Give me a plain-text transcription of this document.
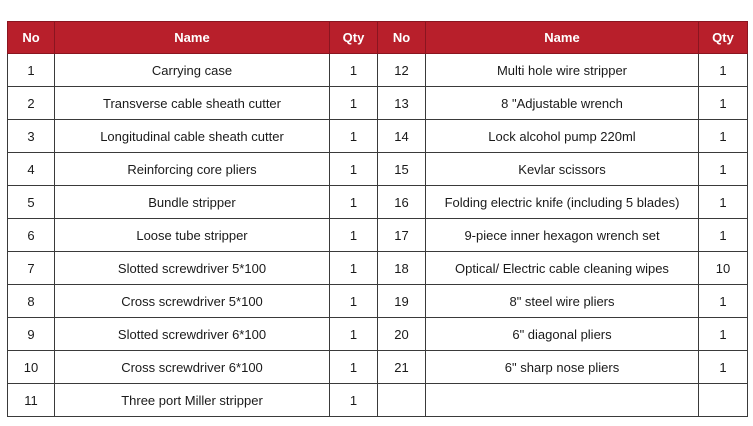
No	Name	Qty	No	Name	Qty
1	Carrying case	1	12	Multi hole wire stripper	1
2	Transverse cable sheath cutter	1	13	8 "Adjustable wrench	1
3	Longitudinal cable sheath cutter	1	14	Lock alcohol pump 220ml	1
4	Reinforcing core pliers	1	15	Kevlar scissors	1
5	Bundle stripper	1	16	Folding electric knife (including 5 blades)	1
6	Loose tube stripper	1	17	9-piece inner hexagon wrench set	1
7	Slotted screwdriver 5*100	1	18	Optical/ Electric cable cleaning wipes	10
8	Cross screwdriver 5*100	1	19	8" steel wire pliers	1
9	Slotted screwdriver 6*100	1	20	6" diagonal pliers	1
10	Cross screwdriver 6*100	1	21	6" sharp nose pliers	1
11	Three port Miller stripper	1			
